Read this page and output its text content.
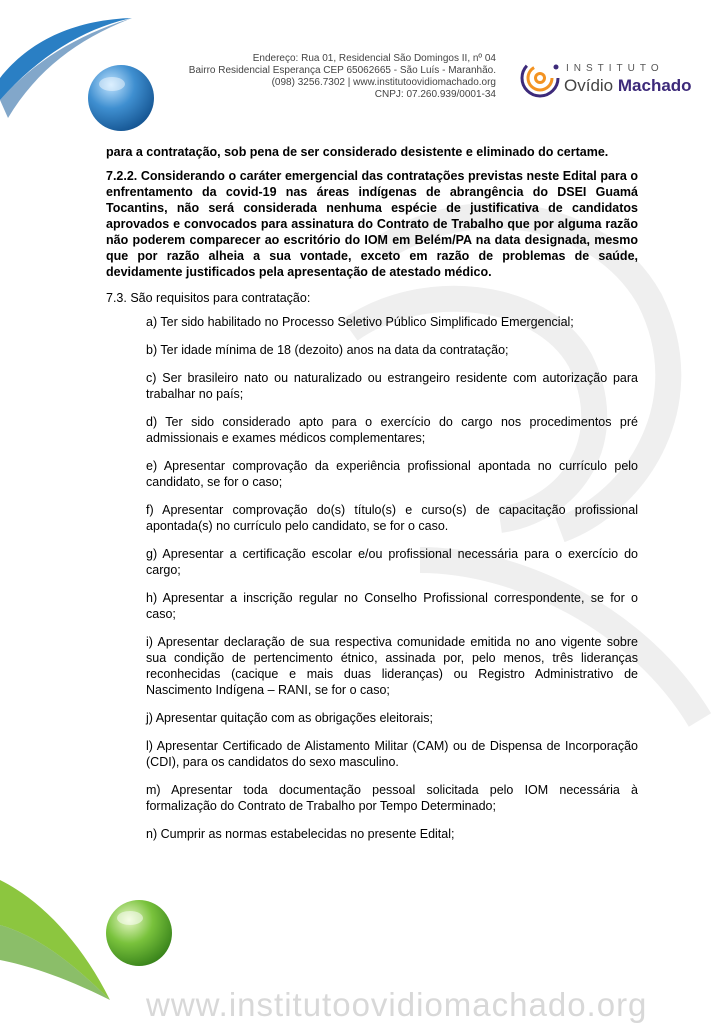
Endereço: Rua 01, Residencial São Domingos II, nº 04
Bairro Residencial Esperança CEP 65062665 - São Luís - Maranhão.
(098) 3256.7302 | www.institutoovidiomachado.org
CNPJ: 07.260.939/0001-34
INSTITUTO
Ovídio Machado

para a contratação, sob pena de ser considerado desistente e eliminado do certame.

7.2.2. Considerando o caráter emergencial das contratações previstas neste Edital para o enfrentamento da covid-19 nas áreas indígenas de abrangência do DSEI Guamá Tocantins, não será considerada nenhuma espécie de justificativa de candidatos aprovados e convocados para assinatura do Contrato de Trabalho que por alguma razão não poderem comparecer ao escritório do IOM em Belém/PA na data designada, mesmo que por razão alheia a sua vontade, exceto em razão de problemas de saúde, devidamente justificados pela apresentação de atestado médico.

7.3. São requisitos para contratação:

a) Ter sido habilitado no Processo Seletivo Público Simplificado Emergencial;

b) Ter idade mínima de 18 (dezoito) anos na data da contratação;

c) Ser brasileiro nato ou naturalizado ou estrangeiro residente com autorização para trabalhar no país;

d) Ter sido considerado apto para o exercício do cargo nos procedimentos pré admissionais e exames médicos complementares;

e) Apresentar comprovação da experiência profissional apontada no currículo pelo candidato, se for o caso;

f) Apresentar comprovação do(s) título(s) e curso(s) de capacitação profissional apontada(s) no currículo pelo candidato, se for o caso.

g) Apresentar a certificação escolar e/ou profissional necessária para o exercício do cargo;

h) Apresentar a inscrição regular no Conselho Profissional correspondente, se for o caso;

i) Apresentar declaração de sua respectiva comunidade emitida no ano vigente sobre sua condição de pertencimento étnico, assinada por, pelo menos, três lideranças reconhecidas (cacique e mais duas lideranças) ou Registro Administrativo de Nascimento Indígena – RANI, se for o caso;

j) Apresentar quitação com as obrigações eleitorais;

l) Apresentar Certificado de Alistamento Militar (CAM) ou de Dispensa de Incorporação (CDI), para os candidatos do sexo masculino.

m) Apresentar toda documentação pessoal solicitada pelo IOM necessária à formalização do Contrato de Trabalho por Tempo Determinado;

n) Cumprir as normas estabelecidas no presente Edital;

www.institutoovidiomachado.org
